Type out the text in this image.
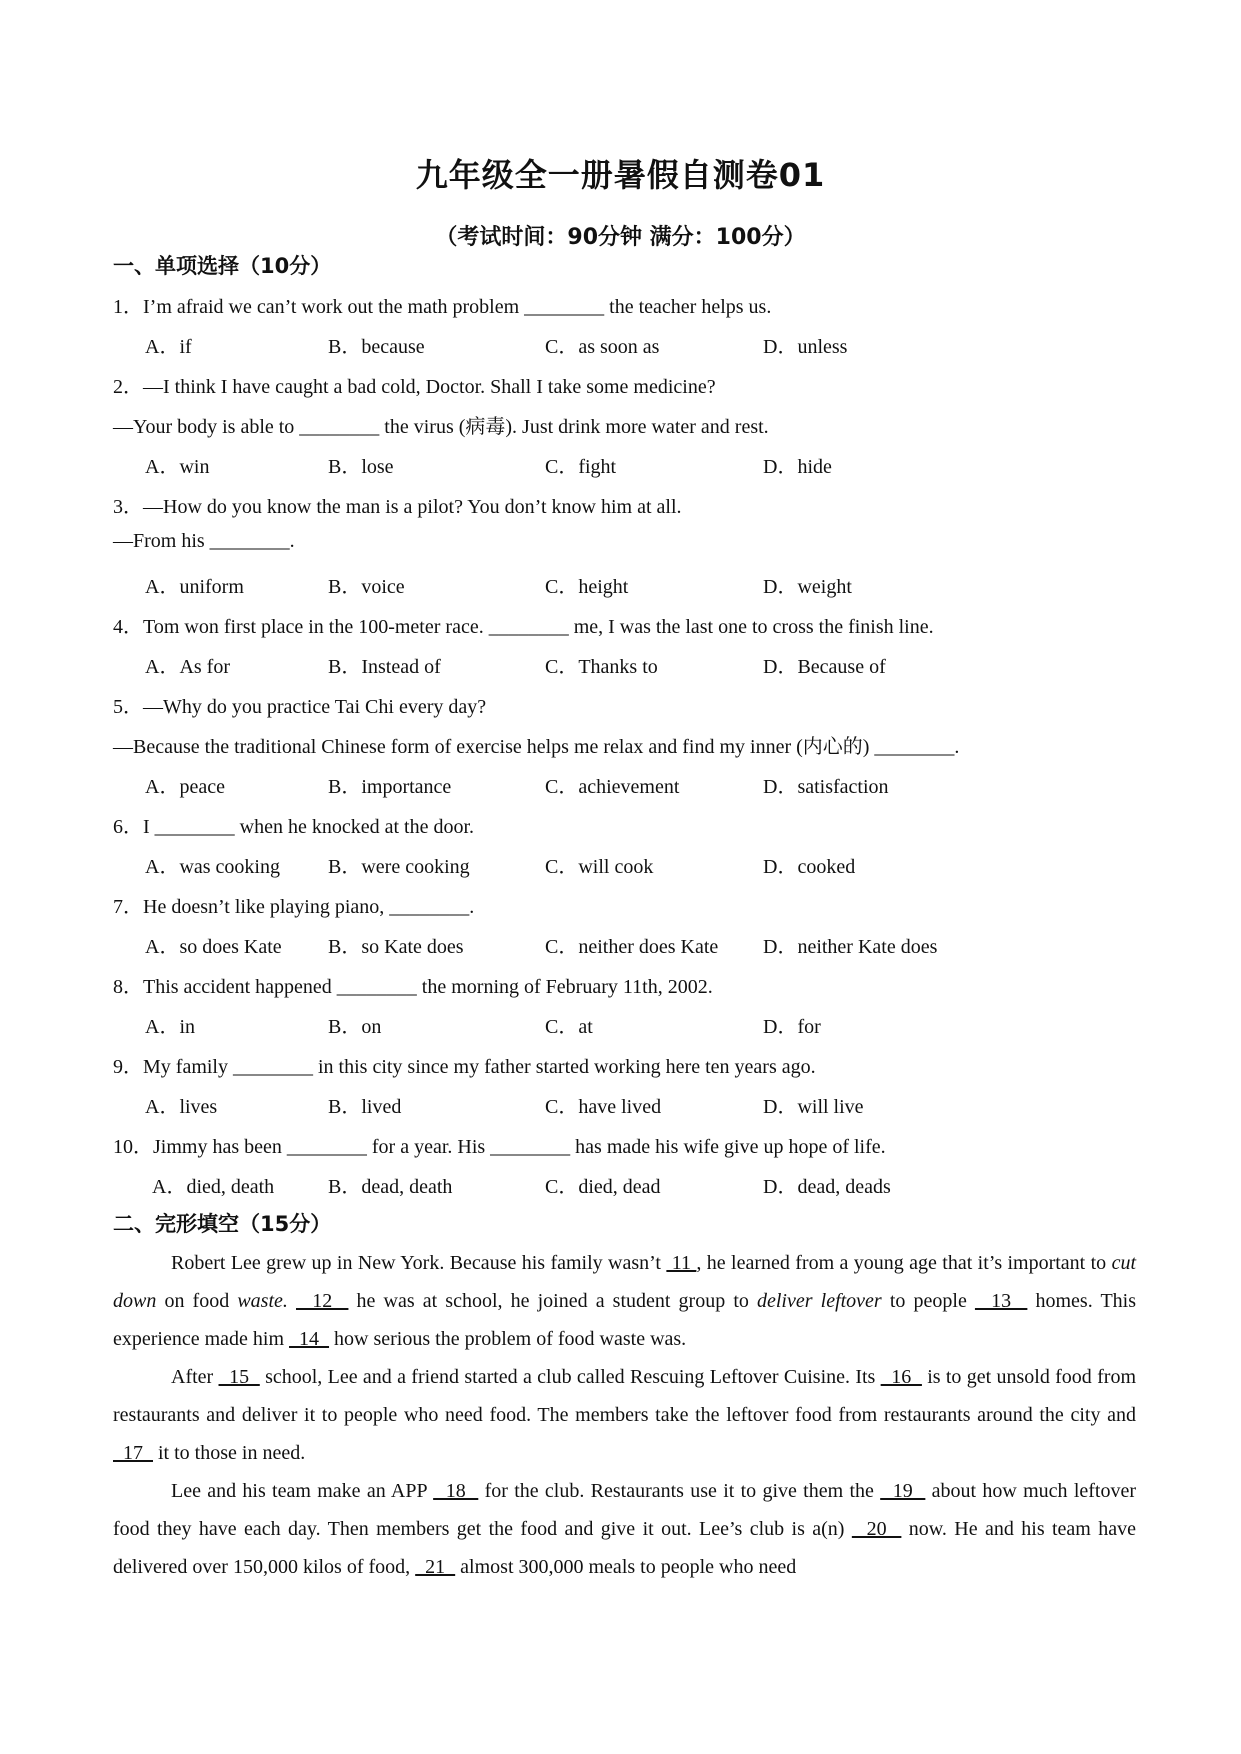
九年级全一册暑假自测卷01
（考试时间：90分钟 满分：100分）
一、单项选择（10分）
1．I’m afraid we can’t work out the math problem ________ the teacher helps us.
A．if	B．because	C．as soon as	D．unless
2．—I think I have caught a bad cold, Doctor. Shall I take some medicine?
—Your body is able to ________ the virus (病毒). Just drink more water and rest.
A．win	B．lose	C．fight	D．hide
3．—How do you know the man is a pilot? You don’t know him at all.
—From his ________.
A．uniform	B．voice	C．height	D．weight
4．Tom won first place in the 100-meter race. ________ me, I was the last one to cross the finish line.
A．As for	B．Instead of	C．Thanks to	D．Because of
5．—Why do you practice Tai Chi every day?
—Because the traditional Chinese form of exercise helps me relax and find my inner (内心的) ________.
A．peace	B．importance	C．achievement	D．satisfaction
6．I ________ when he knocked at the door.
A．was cooking B．were cooking	C．will cook	D．cooked
7．He doesn’t like playing piano, ________.
A．so does Kate B．so Kate does	C．neither does Kate D．neither Kate does
8．This accident happened ________ the morning of February 11th, 2002.
A．in	B．on	C．at	D．for
9．My family ________ in this city since my father started working here ten years ago.
A．lives	B．lived	C．have lived	D．will live
10．Jimmy has been ________ for a year. His ________ has made his wife give up hope of life.
A．died, death	B．dead, death	C．died, dead	D．dead, deads
二、完形填空（15分）

Robert Lee grew up in New York. Because his family wasn’t  11 , he learned from a young age that it’s important to cut down on food waste.   12   he was at school, he joined a student group to deliver leftover to people   13   homes. This experience made him   14   how serious the problem of food waste was.

After   15   school, Lee and a friend started a club called Rescuing Leftover Cuisine. Its   16   is to get unsold food from restaurants and deliver it to people who need food. The members take the leftover food from restaurants around the city and   17   it to those in need.

Lee and his team make an APP   18   for the club. Restaurants use it to give them the   19   about how much leftover food they have each day. Then members get the food and give it out. Lee’s club is a(n)   20   now. He and his team have delivered over 150,000 kilos of food,   21   almost 300,000 meals to people who need
